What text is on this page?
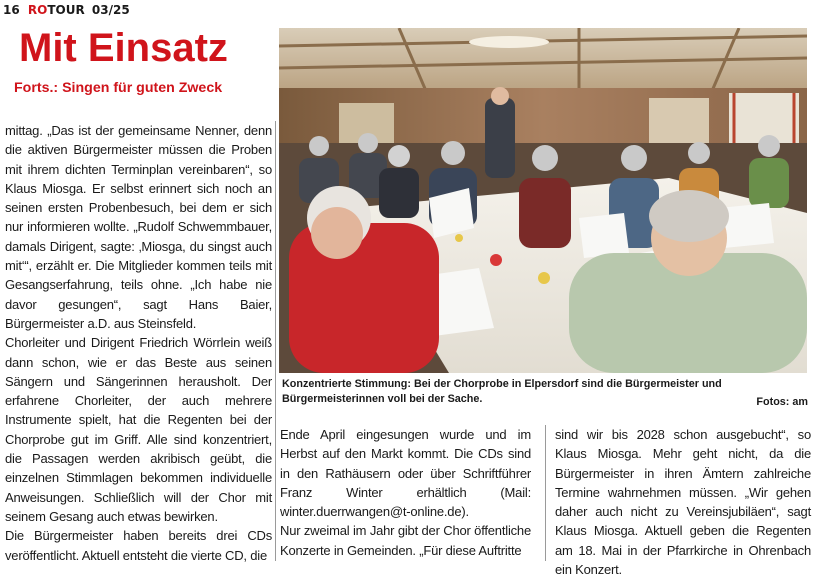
16 ROTOUR 03/25
Mit Einsatz
Forts.: Singen für guten Zweck

mittag. „Das ist der gemeinsame Nenner, denn die aktiven Bürgermeister müssen die Proben mit ihrem dichten Terminplan vereinbaren“, so Klaus Miosga. Er selbst erinnert sich noch an seinen ersten Probenbesuch, bei dem er sich nur informieren wollte. „Rudolf Schwemmbauer, damals Dirigent, sagte: ‚Miosga, du singst auch mit‘“, erzählt er. Die Mitglieder kommen teils mit Gesangserfahrung, teils ohne. „Ich habe nie davor gesungen“, sagt Hans Baier, Bürgermeister a.D. aus Steinsfeld.

Chorleiter und Dirigent Friedrich Wörrlein weiß dann schon, wie er das Beste aus seinen Sängern und Sängerinnen herausholt. Der erfahrene Chorleiter, der auch mehrere Instrumente spielt, hat die Regenten bei der Chorprobe gut im Griff. Alle sind konzentriert, die Passagen werden akribisch geübt, die einzelnen Stimmlagen bekommen individuelle Anweisungen. Schließlich will der Chor mit seinem Gesang auch etwas bewirken.

Die Bürgermeister haben bereits drei CDs veröffentlicht. Aktuell entsteht die vierte CD, die

Konzentrierte Stimmung: Bei der Chorprobe in Elpersdorf sind die Bürgermeister und Bürgermeisterinnen voll bei der Sache.	Fotos: am

Ende April eingesungen wurde und im Herbst auf den Markt kommt. Die CDs sind in den Rathäusern oder über Schriftführer Franz Winter erhältlich (Mail: winter.duerrwangen@t-online.de).

Nur zweimal im Jahr gibt der Chor öffentliche Konzerte in Gemeinden. „Für diese Auftritte

sind wir bis 2028 schon ausgebucht“, so Klaus Miosga. Mehr geht nicht, da die Bürgermeister in ihren Ämtern zahlreiche Termine wahrnehmen müssen. „Wir gehen daher auch nicht zu Vereinsjubiläen“, sagt Klaus Miosga. Aktuell geben die Regenten am 18. Mai in der Pfarrkirche in Ohrenbach ein Konzert.
